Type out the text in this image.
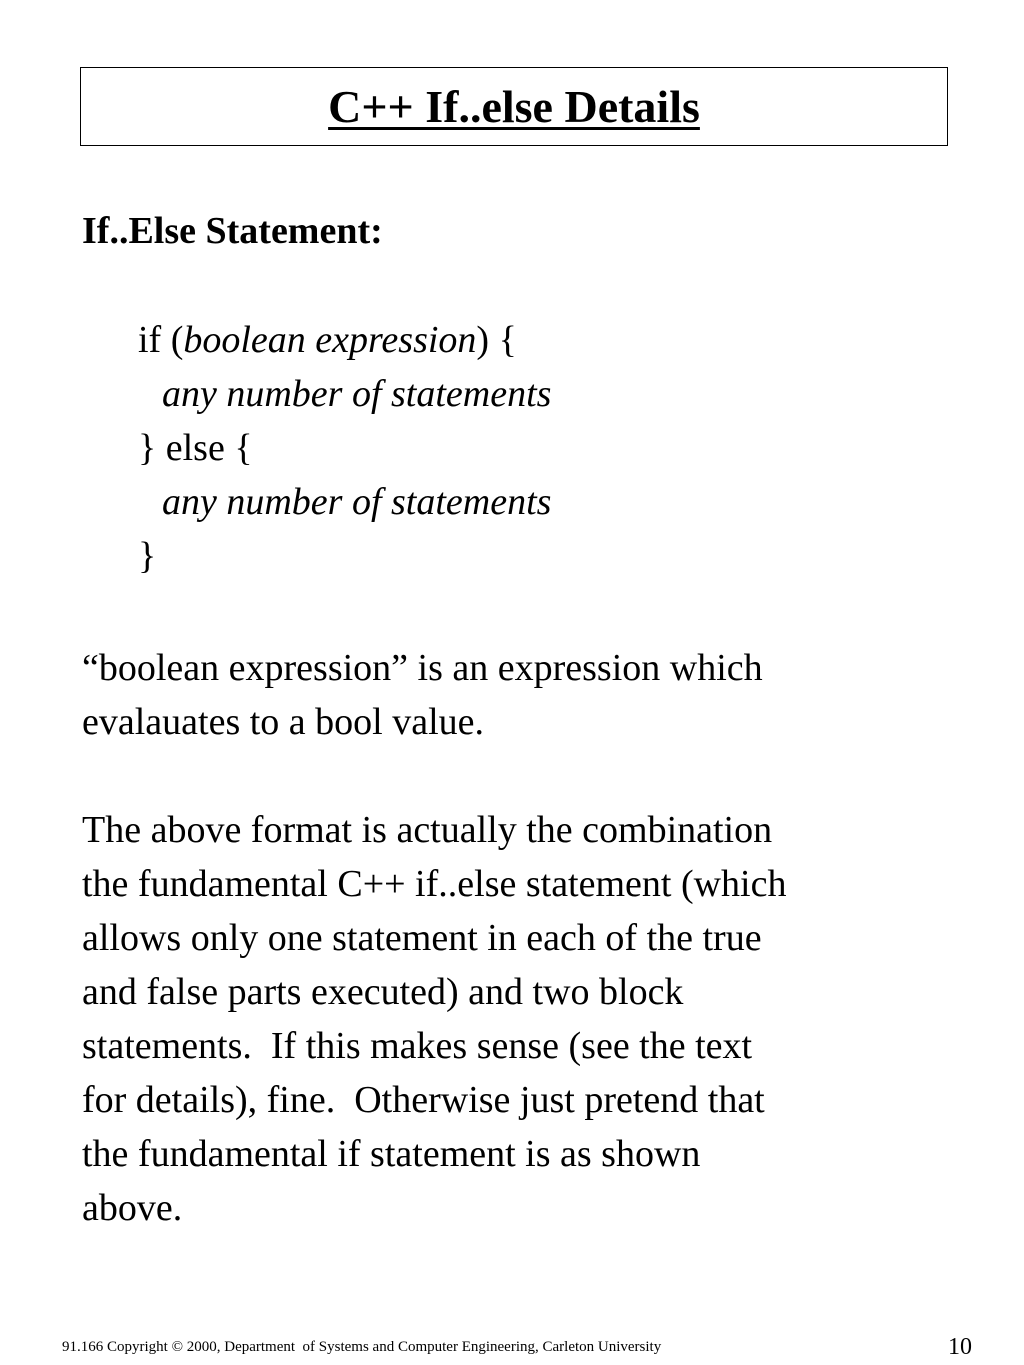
C++ If..else Details

If..Else Statement:

if (boolean expression) {
any number of statements
} else {
any number of statements
}

“boolean expression” is an expression which
evalauates to a bool value.

The above format is actually the combination
the fundamental C++ if..else statement (which
allows only one statement in each of the true
and false parts executed) and two block
statements.  If this makes sense (see the text
for details), fine.  Otherwise just pretend that
the fundamental if statement is as shown
above.

91.166 Copyright © 2000, Department  of Systems and Computer Engineering, Carleton University	10
